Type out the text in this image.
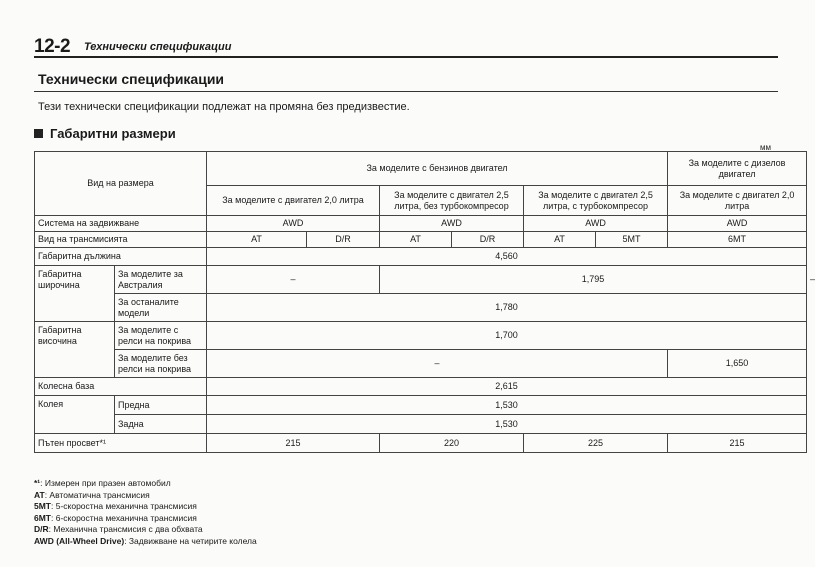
12-2 Технически спецификации
Технически спецификации
Тези технически спецификации подлежат на промяна без предизвестие.
Габаритни размери
мм
Вид на размера		За моделите с бензинов двигател						За моделите с дизелов двигател	
		За моделите с двигател 2,0 литра		За моделите с двигател 2,5 литра, без турбокомпресор		За моделите с двигател 2,5 литра, с турбокомпресор		За моделите с двигател 2,0 литра	
Система на задвижване		AWD		AWD		AWD		AWD	
Вид на трансмисията		AT	D/R	AT	D/R	AT	5MT	6MT	
Габаритна дължина		4,560							
Габаритна широчина	За моделите за Австралия	–		1,795					–
	За останалите модели	1,780							
Габаритна височина	За моделите с релси на покрива	1,700							
	За моделите без релси на покрива	–						1,650	
Колесна база		2,615							
Колея	Предна	1,530							
	Задна	1,530							
Пътен просвет*¹		215		220		225		215	
*¹: Измерен при празен автомобил
AT: Автоматична трансмисия
5MT: 5-скоростна механична трансмисия
6MT: 6-скоростна механична трансмисия
D/R: Механична трансмисия с два обхвата
AWD (All-Wheel Drive): Задвижване на четирите колела
